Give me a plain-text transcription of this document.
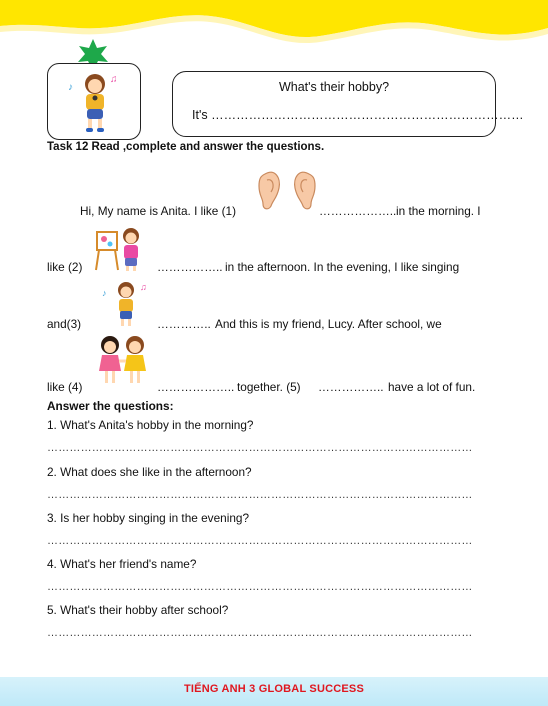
♪
♫
What's their hobby?
It's …………………………………………………………………
Task 12 Read ,complete and answer the questions.
Hi, My name is Anita. I like (1)	……………….. in the morning. I
like (2)	…………….. in the afternoon. In the evening, I like singing
and(3)
♪
♫
………….. And this is my friend, Lucy. After school, we
like (4)	……………….. together. (5) …………….. have a lot of fun.
Answer the questions:
1. What's Anita's hobby in the morning?
……………………………………………………………………………………………………
2. What does she like in the afternoon?
……………………………………………………………………………………………………
3. Is her hobby singing in the evening?
……………………………………………………………………………………………………
4. What's her friend's name?
……………………………………………………………………………………………………
5. What's their hobby after school?
……………………………………………………………………………………………………
TIẾNG ANH 3 GLOBAL SUCCESS
